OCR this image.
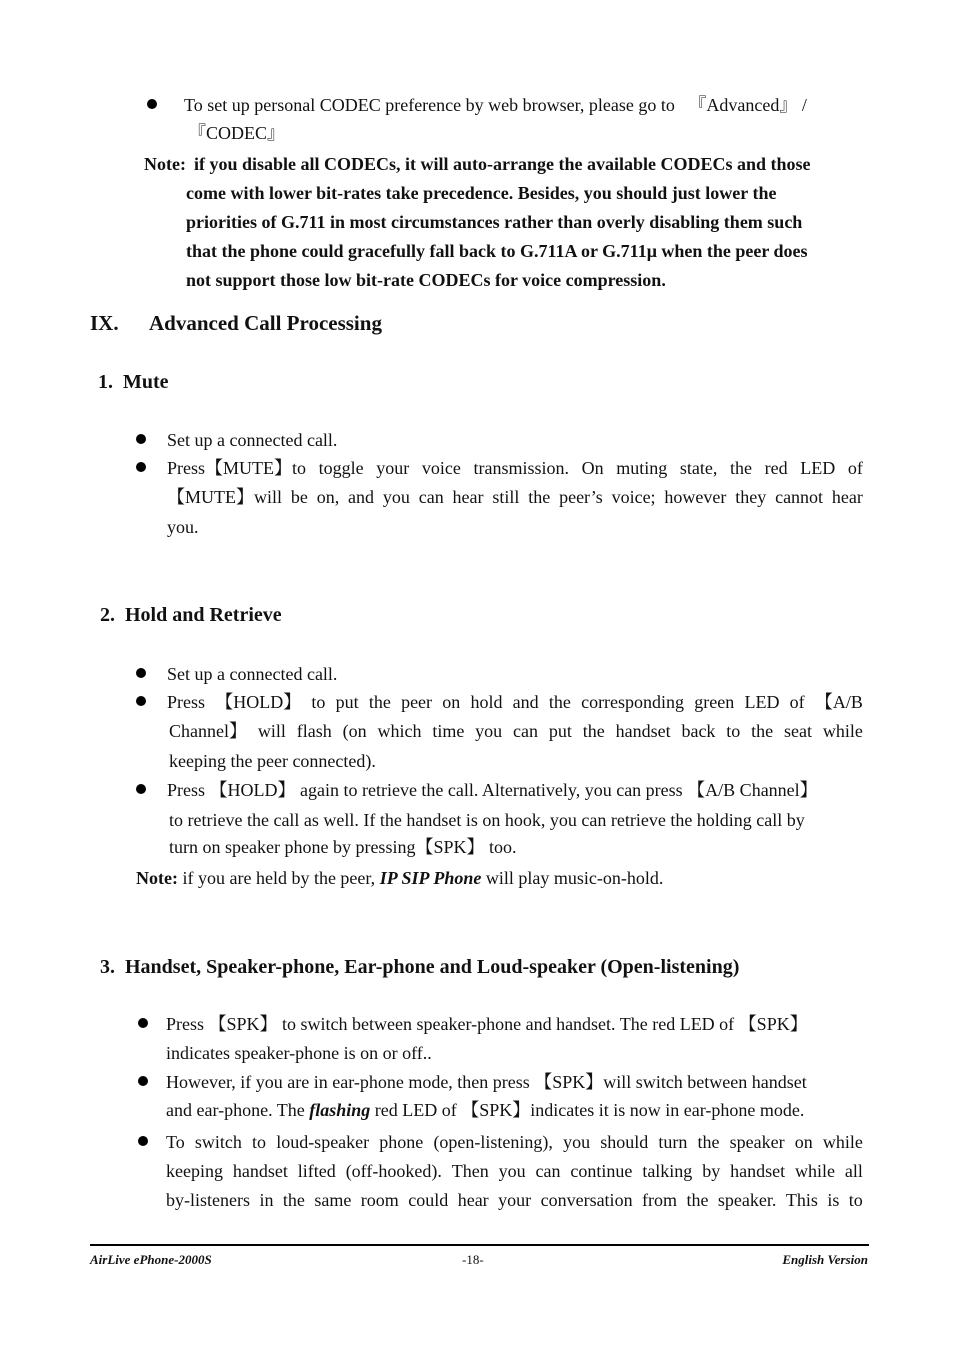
To set up personal CODEC preference by web browser, please go to 　『Advanced』 /
『CODEC』
Note: if you disable all CODECs, it will auto-arrange the available CODECs and those
come with lower bit-rates take precedence. Besides, you should just lower the
priorities of G.711 in most circumstances rather than overly disabling them such
that the phone could gracefully fall back to G.711A or G.711μ when the peer does
not support those low bit-rate CODECs for voice compression.
IX. Advanced Call Processing
1. Mute
Set up a connected call.
Press【MUTE】to toggle your voice transmission. On muting state, the red LED of
【MUTE】will be on, and you can hear still the peer’s voice; however they cannot hear
you.
2. Hold and Retrieve
Set up a connected call.
Press 【HOLD】 to put the peer on hold and the corresponding green LED of 【A/B
Channel】 will flash (on which time you can put the handset back to the seat while
keeping the peer connected).
Press 【HOLD】 again to retrieve the call. Alternatively, you can press 【A/B Channel】
to retrieve the call as well. If the handset is on hook, you can retrieve the holding call by
turn on speaker phone by pressing【SPK】 too.
Note: if you are held by the peer, IP SIP Phone will play music-on-hold.
3. Handset, Speaker-phone, Ear-phone and Loud-speaker (Open-listening)
Press 【SPK】 to switch between speaker-phone and handset. The red LED of 【SPK】
indicates speaker-phone is on or off..
However, if you are in ear-phone mode, then press 【SPK】will switch between handset
and ear-phone. The flashing red LED of 【SPK】indicates it is now in ear-phone mode.
To switch to loud-speaker phone (open-listening), you should turn the speaker on while
keeping handset lifted (off-hooked). Then you can continue talking by handset while all
by-listeners in the same room could hear your conversation from the speaker. This is to
AirLive ePhone-2000S	-18-	English Version
